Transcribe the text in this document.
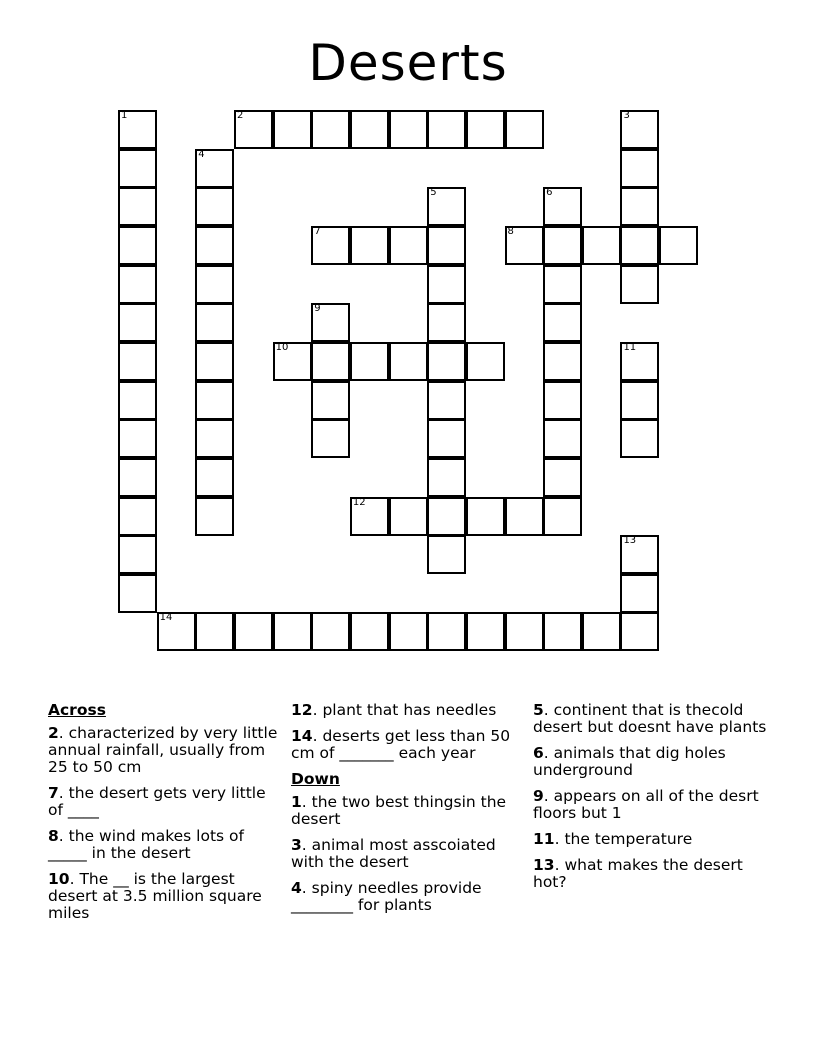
Deserts
1	2	3
4
5	6
7	8
9
10	11
12
13
14
Across
2. characterized by very little annual rainfall, usually from 25 to 50 cm
7. the desert gets very little of ____
8. the wind makes lots of _____ in the desert
10. The __ is the largest desert at 3.5 million square miles
12. plant that has needles
14. deserts get less than 50 cm of _______ each year
Down
1. the two best thingsin the desert
3. animal most asscoiated with the desert
4. spiny needles provide ________ for plants
5. continent that is thecold desert but doesnt have plants
6. animals that dig holes underground
9. appears on all of the desrt floors but 1
11. the temperature
13. what makes the desert hot?
